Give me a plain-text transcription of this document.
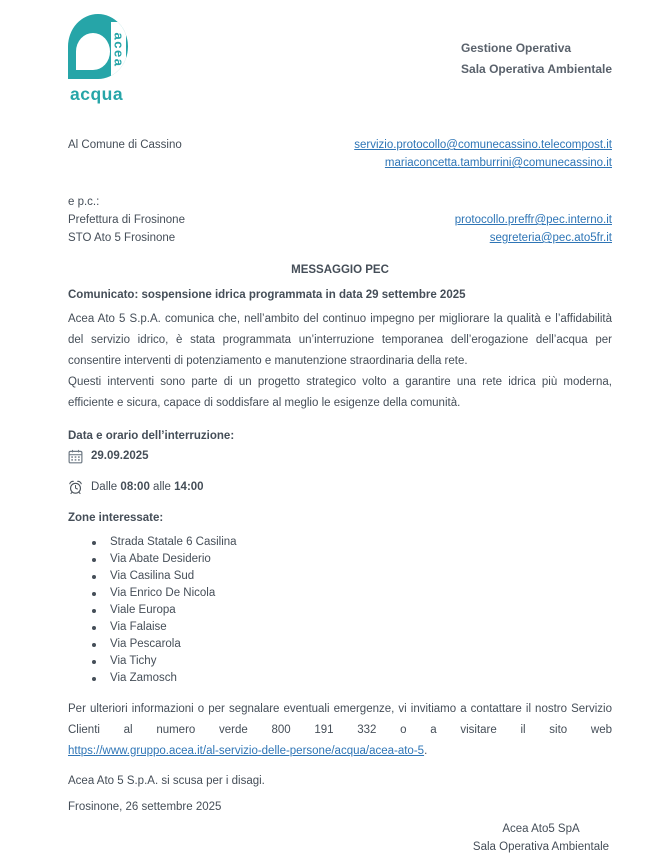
acea
acqua
Gestione Operativa
Sala Operativa Ambientale
Al Comune di Cassino	servizio.protocollo@comunecassino.telecompost.it
mariaconcetta.tamburrini@comunecassino.it
e p.c.:
Prefettura di Frosinone
STO Ato 5 Frosinone
protocollo.preffr@pec.interno.it
segreteria@pec.ato5fr.it
MESSAGGIO PEC
Comunicato: sospensione idrica programmata in data 29 settembre 2025

Acea Ato 5 S.p.A. comunica che, nell’ambito del continuo impegno per migliorare la qualità e l’affidabilità del servizio idrico, è stata programmata un’interruzione temporanea dell’erogazione dell’acqua per consentire interventi di potenziamento e manutenzione straordinaria della rete.

Questi interventi sono parte di un progetto strategico volto a garantire una rete idrica più moderna, efficiente e sicura, capace di soddisfare al meglio le esigenze della comunità.

Data e orario dell’interruzione:
29.09.2025
Dalle 08:00 alle 14:00
Zone interessate:
Strada Statale 6 Casilina
Via Abate Desiderio
Via Casilina Sud
Via Enrico De Nicola
Viale Europa
Via Falaise
Via Pescarola
Via Tichy
Via Zamosch

Per ulteriori informazioni o per segnalare eventuali emergenze, vi invitiamo a contattare il nostro Servizio Clienti al numero verde 800 191 332 o a visitare il sito web https://www.gruppo.acea.it/al-servizio-delle-persone/acqua/acea-ato-5.

Acea Ato 5 S.p.A. si scusa per i disagi.
Frosinone, 26 settembre 2025
Acea Ato5 SpA
Sala Operativa Ambientale
